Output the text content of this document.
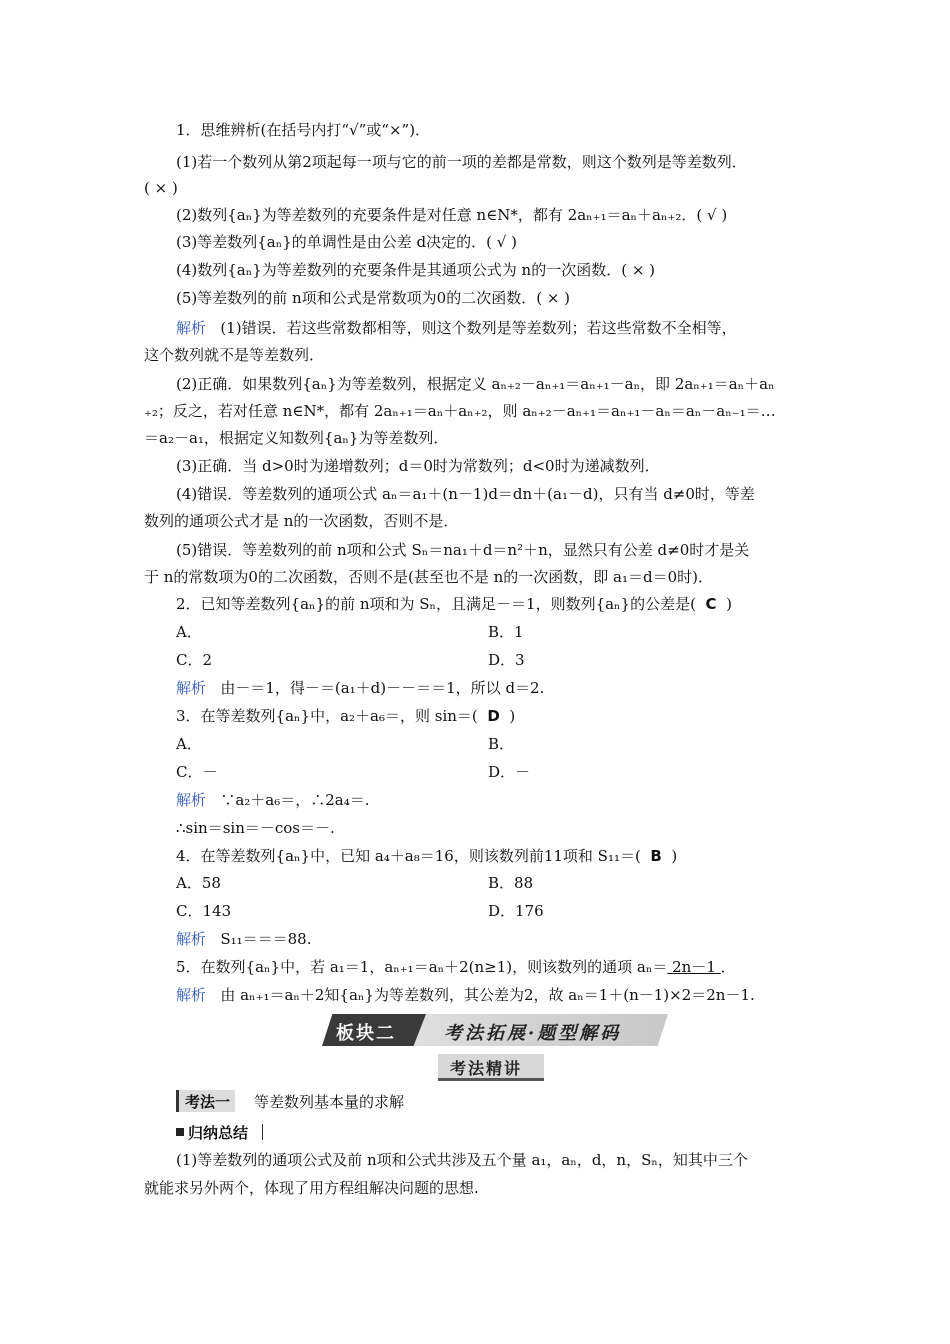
1．思维辨析(在括号内打“√”或“×”)．
(1)若一个数列从第2项起每一项与它的前一项的差都是常数，则这个数列是等差数列．
( × )
(2)数列{aₙ}为等差数列的充要条件是对任意 n∈N*，都有 2aₙ₊₁＝aₙ＋aₙ₊₂．( √ )
(3)等差数列{aₙ}的单调性是由公差 d决定的．( √ )
(4)数列{aₙ}为等差数列的充要条件是其通项公式为 n的一次函数．( × )
(5)等差数列的前 n项和公式是常数项为0的二次函数．( × )
解析 (1)错误．若这些常数都相等，则这个数列是等差数列；若这些常数不全相等，
这个数列就不是等差数列．
(2)正确．如果数列{aₙ}为等差数列，根据定义 aₙ₊₂－aₙ₊₁＝aₙ₊₁－aₙ，即 2aₙ₊₁＝aₙ＋aₙ
₊₂；反之，若对任意 n∈N*，都有 2aₙ₊₁＝aₙ＋aₙ₊₂，则 aₙ₊₂－aₙ₊₁＝aₙ₊₁－aₙ＝aₙ－aₙ₋₁＝…
＝a₂－a₁，根据定义知数列{aₙ}为等差数列．
(3)正确．当 d>0时为递增数列；d＝0时为常数列；d<0时为递减数列．
(4)错误．等差数列的通项公式 aₙ＝a₁＋(n－1)d＝dn＋(a₁－d)，只有当 d≠0时，等差
数列的通项公式才是 n的一次函数，否则不是．
(5)错误．等差数列的前 n项和公式 Sₙ＝na₁＋d＝n²＋n，显然只有公差 d≠0时才是关
于 n的常数项为0的二次函数，否则不是(甚至也不是 n的一次函数，即 a₁＝d＝0时)．
2．已知等差数列{aₙ}的前 n项和为 Sₙ，且满足－＝1，则数列{aₙ}的公差是( C )
A．	B．1
C．2	D．3
解析 由－＝1，得－＝(a₁＋d)－－＝＝1，所以 d＝2.
3．在等差数列{aₙ}中，a₂＋a₆＝，则 sin＝( D )
A．	B．
C．－	D．－
解析 ∵a₂＋a₆＝，∴2a₄＝.
∴sin＝sin＝－cos＝－.
4．在等差数列{aₙ}中，已知 a₄＋a₈＝16，则该数列前11项和 S₁₁＝( B )
A．58	B．88
C．143	D．176
解析 S₁₁＝＝＝88.
5．在数列{aₙ}中，若 a₁＝1，aₙ₊₁＝aₙ＋2(n≥1)，则该数列的通项 aₙ＝ 2n－1 ．
解析 由 aₙ₊₁＝aₙ＋2知{aₙ}为等差数列，其公差为2，故 aₙ＝1＋(n－1)×2＝2n－1.
板块二	考法拓展·题型解码
考法精讲
考法一 等差数列基本量的求解
归纳总结
(1)等差数列的通项公式及前 n项和公式共涉及五个量 a₁，aₙ，d，n，Sₙ，知其中三个
就能求另外两个，体现了用方程组解决问题的思想.
